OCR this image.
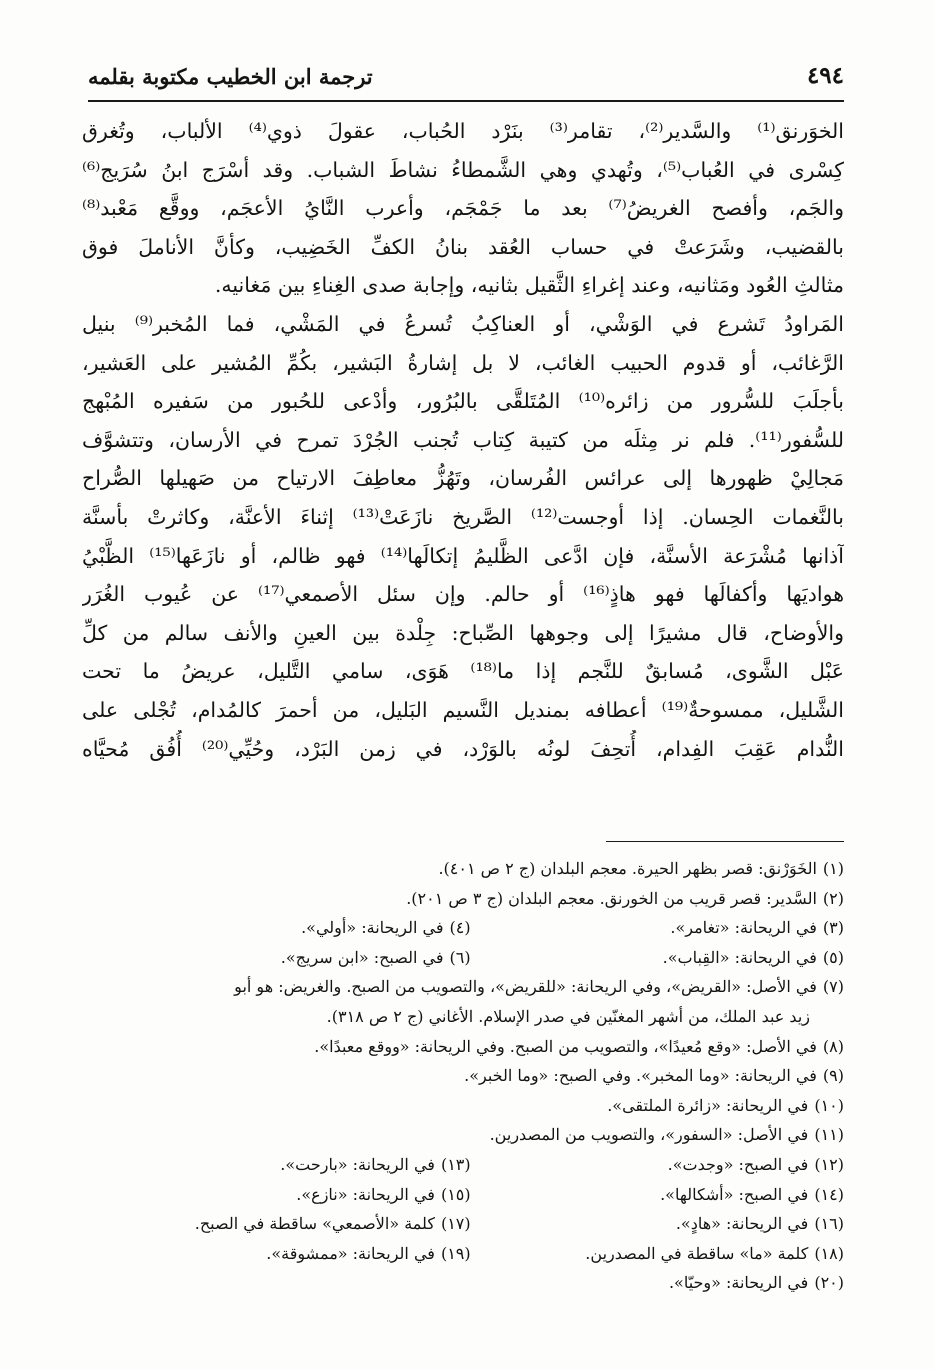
ترجمة ابن الخطيب مكتوبة بقلمه	٤٩٤
الخوَرنق⁽¹⁾ والسَّدير⁽²⁾، تقامر⁽³⁾ بنَرْد الحُباب، عقولَ ذوي⁽⁴⁾ الألباب، وتُغرق
كِسْرى في العُباب⁽⁵⁾، وتُهدي وهي الشَّمطاءُ نشاطَ الشباب. وقد أسْرَج ابنُ سُرَيج⁽⁶⁾
والجَم، وأفصح الغريضُ⁽⁷⁾ بعد ما جَمْجَم، وأعرب النَّايُ الأعجَم، ووقَّع مَعْبد⁽⁸⁾
بالقضيب، وشَرَعتْ في حساب العُقد بنانُ الكفِّ الخَضِيب، وكأنَّ الأناملَ فوق
مثالثِ العُود ومَثانيه، وعند إغراءِ الثَّقيل بثانيه، وإجابة صدى الغِناءِ بين مَغانيه.
المَراودُ تَشرع في الوَشْي، أو العناكِبُ تُسرعُ في المَشْي، فما المُخبر⁽⁹⁾ بنيل
الرَّغائب، أو قدوم الحبيب الغائب، لا بل إشارةُ البَشير، بكُمِّ المُشير على العَشير،
بأجلَبَ للسُّرور من زائره⁽¹⁰⁾ المُتَلقَّى بالبُرُور، وأدْعى للحُبور من سَفيره المُبْهج
للسُّفور⁽¹¹⁾. فلم نر مِثلَه من كتيبة كِتاب تُجنب الجُرْدَ تمرح في الأرسان، وتتشوَّف
مَجالِيْ ظهورها إلى عرائس الفُرسان، وتَهُزُّ معاطِفَ الارتياح من صَهيلها الصُّراح
بالنَّغمات الحِسان. إذا أوجست⁽¹²⁾ الصَّريخ نازَعَتْ⁽¹³⁾ إثناءَ الأعنَّة، وكاثرتْ بأسنَّة
آذانها مُشْرَعة الأسنَّة، فإن ادَّعى الظَّليمُ إتكالَها⁽¹⁴⁾ فهو ظالم، أو نازَعَها⁽¹⁵⁾ الظَّبْيُ
هواديَها وأكفالَها فهو هاذٍ⁽¹⁶⁾ أو حالم. وإن سئل الأصمعي⁽¹⁷⁾ عن عُيوب الغُرَر
والأوضاح، قال مشيرًا إلى وجوهها الصِّباح: جِلْدة بين العينِ والأنف سالم من كلِّ
عَبْل الشَّوى، مُسابقٌ للنَّجم إذا ما⁽¹⁸⁾ هَوَى، سامي التَّليل، عريضُ ما تحت
الشَّليل، ممسوحةٌ⁽¹⁹⁾ أعطافه بمنديل النَّسيم البَليل، من أحمرَ كالمُدام، تُجْلى على
النُّدام عَقِبَ الفِدام، أُتحِفَ لونُه بالوَرْد، في زمن البَرْد، وحُيِّي⁽²⁰⁾ أُفُق مُحيَّاه
(١)الخَوَرْنق: قصر بظهر الحيرة. معجم البلدان (ج ٢ ص ٤٠١).
(٢)السَّدير: قصر قريب من الخورنق. معجم البلدان (ج ٣ ص ٢٠١).
(٣)في الريحانة: «تغامر».
(٤)في الريحانة: «أولي».
(٥)في الريحانة: «القِباب».
(٦)في الصبح: «ابن سريج».
(٧)في الأصل: «القريض»، وفي الريحانة: «للقريض»، والتصويب من الصبح. والغريض: هو أبو
زيد عبد الملك، من أشهر المغنّين في صدر الإسلام. الأغاني (ج ٢ ص ٣١٨).
(٨)في الأصل: «وقع مُعيدًا»، والتصويب من الصبح. وفي الريحانة: «ووقع معبدًا».
(٩)في الريحانة: «وما المخبر». وفي الصبح: «وما الخبر».
(١٠)في الريحانة: «زائرة الملتقى».
(١١)في الأصل: «السفور»، والتصويب من المصدرين.
(١٢)في الصبح: «وجدت».
(١٣)في الريحانة: «بارحت».
(١٤)في الصبح: «أشكالها».
(١٥)في الريحانة: «نازع».
(١٦)في الريحانة: «هادٍ».
(١٧)كلمة «الأصمعي» ساقطة في الصبح.
(١٨)كلمة «ما» ساقطة في المصدرين.
(١٩)في الريحانة: «ممشوقة».
(٢٠)في الريحانة: «وحيّا».
